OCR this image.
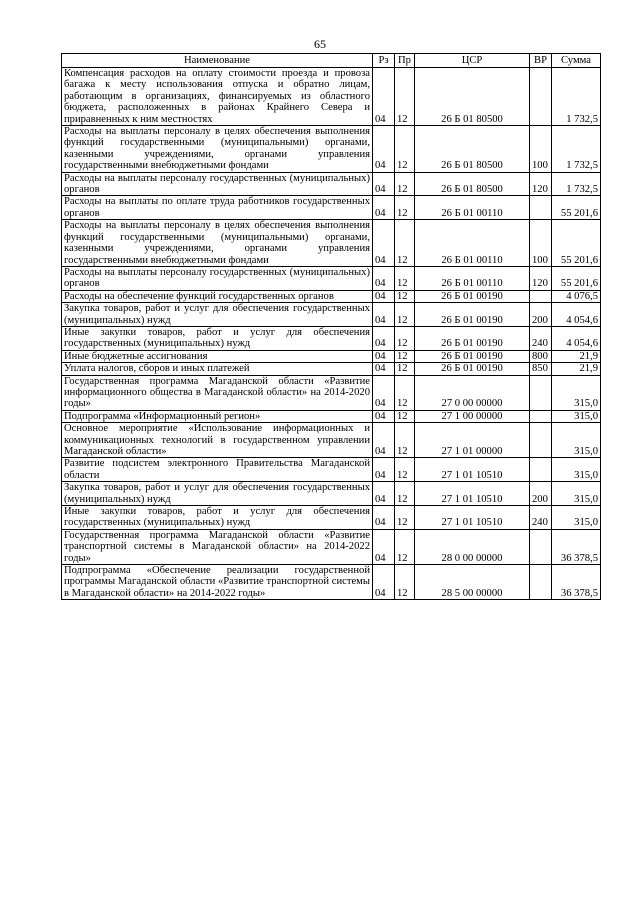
65
Наименование	Рз	Пр	ЦСР	ВР	Сумма
Компенсация расходов на оплату стоимости проезда и провоза багажа к месту использования отпуска и обратно лицам, работающим в организациях, финансируемых из областного бюджета, расположенных в районах Крайнего Севера и приравненных к ним местностях	04	12	26 Б 01 80500		1 732,5
Расходы на выплаты персоналу в целях обеспечения выполнения функций государственными (муниципальными) органами, казенными учреждениями, органами управления государственными внебюджетными фондами	04	12	26 Б 01 80500	100	1 732,5
Расходы на выплаты персоналу государственных (муниципальных) органов	04	12	26 Б 01 80500	120	1 732,5
Расходы на выплаты по оплате труда работников государственных органов	04	12	26 Б 01 00110		55 201,6
Расходы на выплаты персоналу в целях обеспечения выполнения функций государственными (муниципальными) органами, казенными учреждениями, органами управления государственными внебюджетными фондами	04	12	26 Б 01 00110	100	55 201,6
Расходы на выплаты персоналу государственных (муниципальных) органов	04	12	26 Б 01 00110	120	55 201,6
Расходы на обеспечение функций государственных органов	04	12	26 Б 01 00190		4 076,5
Закупка товаров, работ и услуг для обеспечения государственных (муниципальных) нужд	04	12	26 Б 01 00190	200	4 054,6
Иные закупки товаров, работ и услуг для обеспечения государственных (муниципальных) нужд	04	12	26 Б 01 00190	240	4 054,6
Иные бюджетные ассигнования	04	12	26 Б 01 00190	800	21,9
Уплата налогов, сборов и иных платежей	04	12	26 Б 01 00190	850	21,9
Государственная программа Магаданской области «Развитие информационного общества в Магаданской области» на 2014-2020 годы»	04	12	27 0 00 00000		315,0
Подпрограмма «Информационный регион»	04	12	27 1 00 00000		315,0
Основное мероприятие «Использование информационных и коммуникационных технологий в государственном управлении Магаданской области»	04	12	27 1 01 00000		315,0
Развитие подсистем электронного Правительства Магаданской области	04	12	27 1 01 10510		315,0
Закупка товаров, работ и услуг для обеспечения государственных (муниципальных) нужд	04	12	27 1 01 10510	200	315,0
Иные закупки товаров, работ и услуг для обеспечения государственных (муниципальных) нужд	04	12	27 1 01 10510	240	315,0
Государственная программа Магаданской области «Развитие транспортной системы в Магаданской области» на 2014-2022 годы»	04	12	28 0 00 00000		36 378,5
Подпрограмма «Обеспечение реализации государственной программы Магаданской области «Развитие транспортной системы в Магаданской области» на 2014-2022 годы»	04	12	28 5 00 00000		36 378,5
